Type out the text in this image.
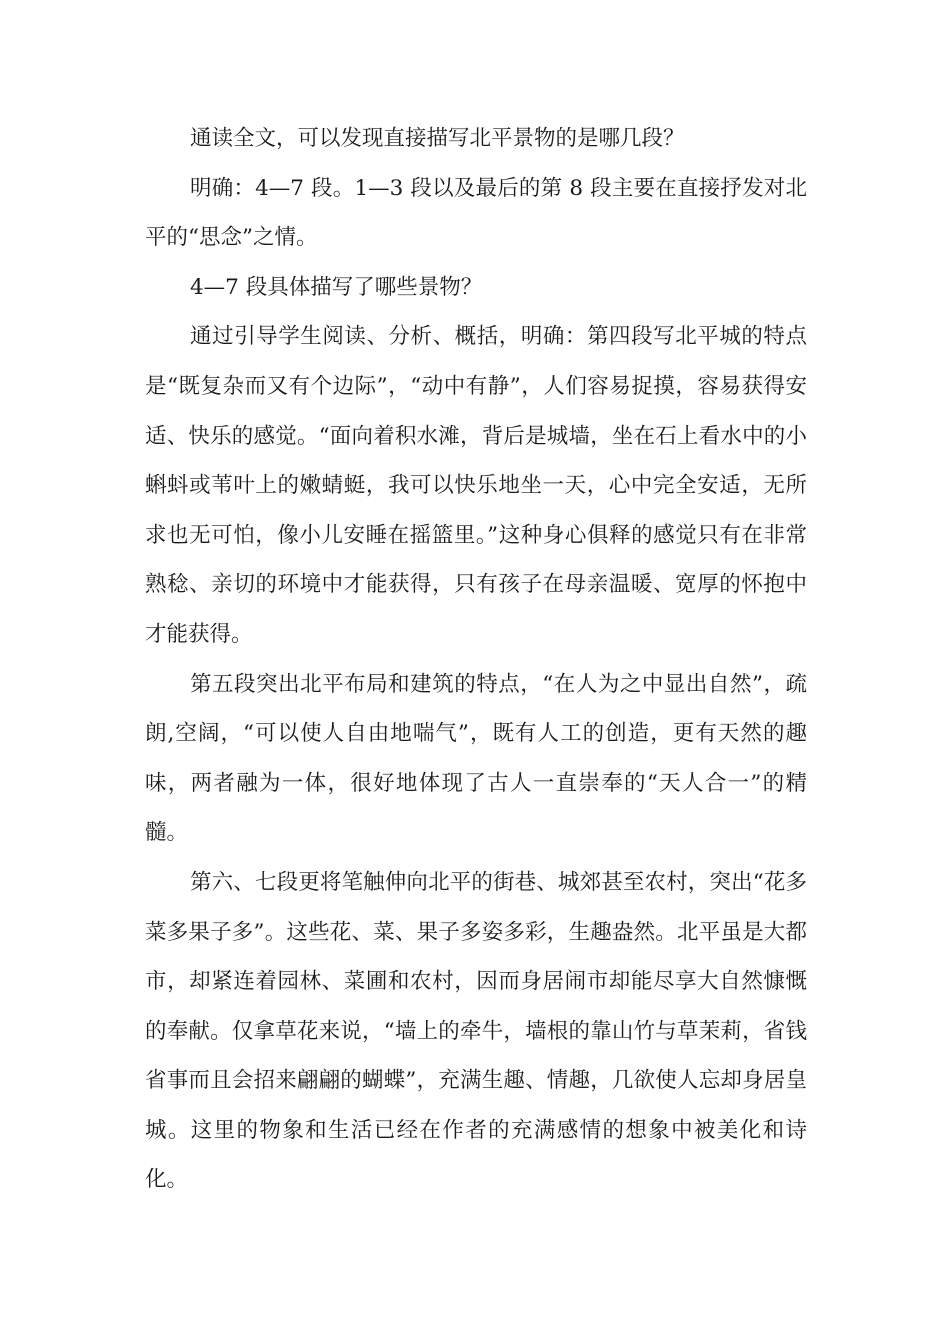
通读全文，可以发现直接描写北平景物的是哪几段？

明确：4—7 段。1—3 段以及最后的第 8 段主要在直接抒发对北平的“思念”之情。

4—7 段具体描写了哪些景物？

通过引导学生阅读、分析、概括，明确：第四段写北平城的特点是“既复杂而又有个边际”，“动中有静”，人们容易捉摸，容易获得安适、快乐的感觉。“面向着积水滩，背后是城墙，坐在石上看水中的小蝌蚪或苇叶上的嫩蜻蜓，我可以快乐地坐一天，心中完全安适，无所求也无可怕，像小儿安睡在摇篮里。”这种身心俱释的感觉只有在非常熟稔、亲切的环境中才能获得，只有孩子在母亲温暖、宽厚的怀抱中才能获得。

第五段突出北平布局和建筑的特点，“在人为之中显出自然”，疏朗,空阔，“可以使人自由地喘气”，既有人工的创造，更有天然的趣味，两者融为一体，很好地体现了古人一直崇奉的“天人合一”的精髓。

第六、七段更将笔触伸向北平的街巷、城郊甚至农村，突出“花多菜多果子多”。这些花、菜、果子多姿多彩，生趣盎然。北平虽是大都市，却紧连着园林、菜圃和农村，因而身居闹市却能尽享大自然慷慨的奉献。仅拿草花来说，“墙上的牵牛，墙根的靠山竹与草茉莉，省钱省事而且会招来翩翩的蝴蝶”，充满生趣、情趣，几欲使人忘却身居皇城。这里的物象和生活已经在作者的充满感情的想象中被美化和诗化。
